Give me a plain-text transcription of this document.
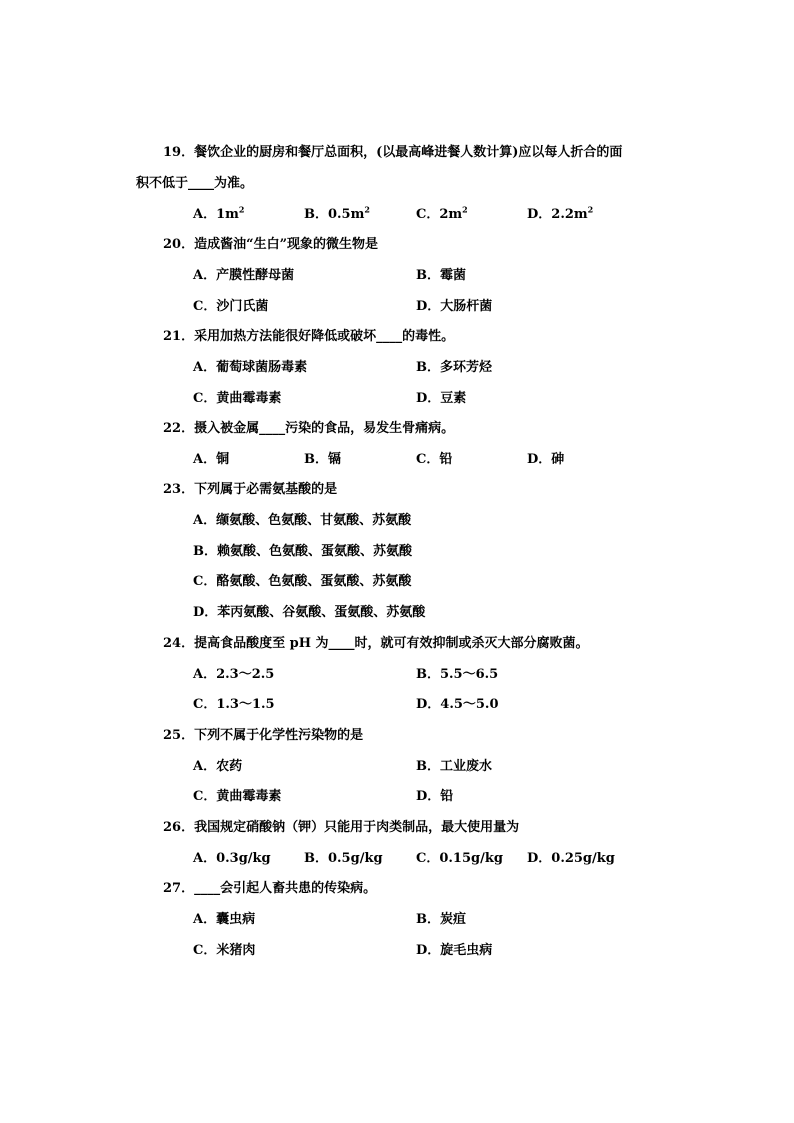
19．餐饮企业的厨房和餐厅总面积，(以最高峰进餐人数计算)应以每人折合的面
积不低于____为准。
A．$1m^2$	B．$0.5m^2$	C．$2m^2$	D．$2.2m^2$
20．造成酱油“生白”现象的微生物是
A．产膜性酵母菌	B．霉菌
C．沙门氏菌	D．大肠杆菌
21．采用加热方法能很好降低或破坏____的毒性。
A．葡萄球菌肠毒素	B．多环芳烃
C．黄曲霉毒素	D．豆素
22．摄入被金属____污染的食品，易发生骨痛病。
A．铜	B．镉	C．铅	D．砷
23．下列属于必需氨基酸的是
A．缬氨酸、色氨酸、甘氨酸、苏氨酸
B．赖氨酸、色氨酸、蛋氨酸、苏氨酸
C．酪氨酸、色氨酸、蛋氨酸、苏氨酸
D．苯丙氨酸、谷氨酸、蛋氨酸、苏氨酸
24．提高食品酸度至 pH 为____时，就可有效抑制或杀灭大部分腐败菌。
A．2.3～2.5	B．5.5～6.5
C．1.3～1.5	D．4.5～5.0
25．下列不属于化学性污染物的是
A．农药	B．工业废水
C．黄曲霉毒素	D．铅
26．我国规定硝酸钠（钾）只能用于肉类制品，最大使用量为
A．0.3g/kg	B．0.5g/kg	C．0.15g/kg D．0.25g/kg
27．____会引起人畜共患的传染病。
A．囊虫病	B．炭疽
C．米猪肉	D．旋毛虫病
